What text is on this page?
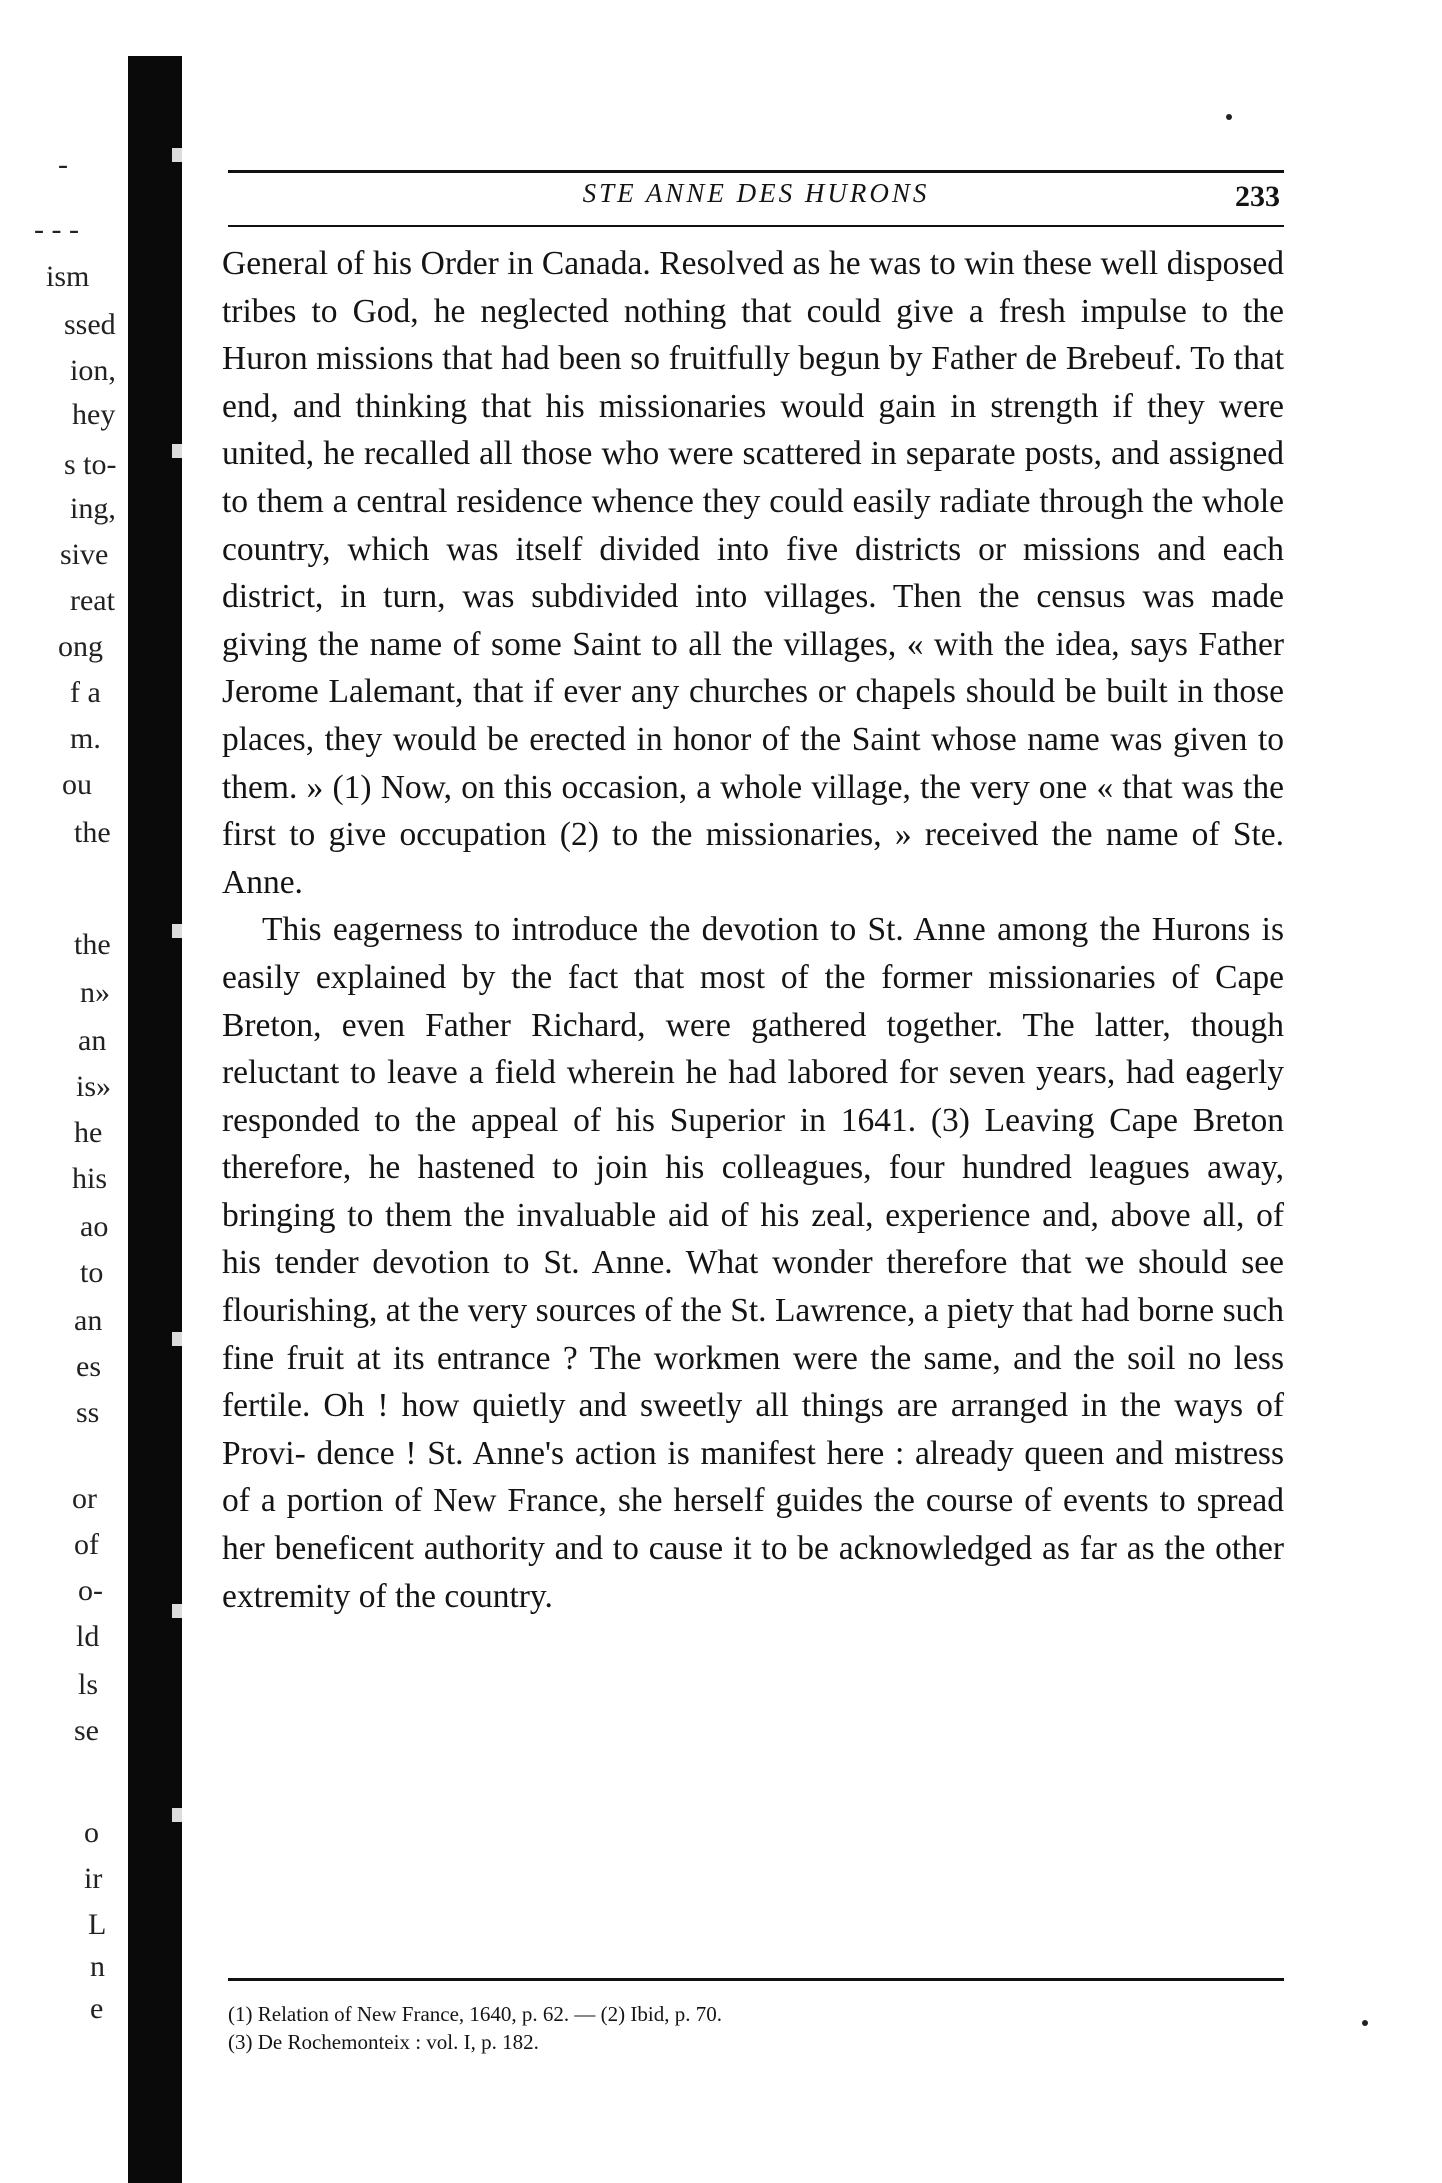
-
- - -
ism
ssed
ion,
hey
s to-
ing,
sive
reat
ong
f a
m.
ou
the
the
n»
an
is»
he
his
ao
to
an
es
ss
or
of
o-
ld
ls
se
o
ir
L
n
e
STE ANNE DES HURONS	233

General of his Order in Canada. Resolved as he was to win these well disposed tribes to God, he neglected nothing that could give a fresh impulse to the Huron missions that had been so fruitfully begun by Father de Brebeuf. To that end, and thinking that his missionaries would gain in strength if they were united, he recalled all those who were scattered in separate posts, and assigned to them a central residence whence they could easily radiate through the whole country, which was itself divided into five districts or missions and each district, in turn, was subdivided into villages. Then the census was made giving the name of some Saint to all the villages, « with the idea, says Father Jerome Lalemant, that if ever any churches or chapels should be built in those places, they would be erected in honor of the Saint whose name was given to them. » (1) Now, on this occasion, a whole village, the very one « that was the first to give occupation (2) to the missionaries, » received the name of Ste. Anne.

This eagerness to introduce the devotion to St. Anne among the Hurons is easily explained by the fact that most of the former missionaries of Cape Breton, even Father Richard, were gathered together. The latter, though reluctant to leave a field wherein he had labored for seven years, had eagerly responded to the appeal of his Superior in 1641. (3) Leaving Cape Breton therefore, he hastened to join his colleagues, four hundred leagues away, bringing to them the invaluable aid of his zeal, experience and, above all, of his tender devotion to St. Anne. What wonder therefore that we should see flourishing, at the very sources of the St. Lawrence, a piety that had borne such fine fruit at its entrance ? The workmen were the same, and the soil no less fertile. Oh ! how quietly and sweetly all things are arranged in the ways of Provi- dence ! St. Anne's action is manifest here : already queen and mistress of a portion of New France, she herself guides the course of events to spread her beneficent authority and to cause it to be acknowledged as far as the other extremity of the country.

(1) Relation of New France, 1640, p. 62. — (2) Ibid, p. 70.
(3) De Rochemonteix : vol. I, p. 182.
